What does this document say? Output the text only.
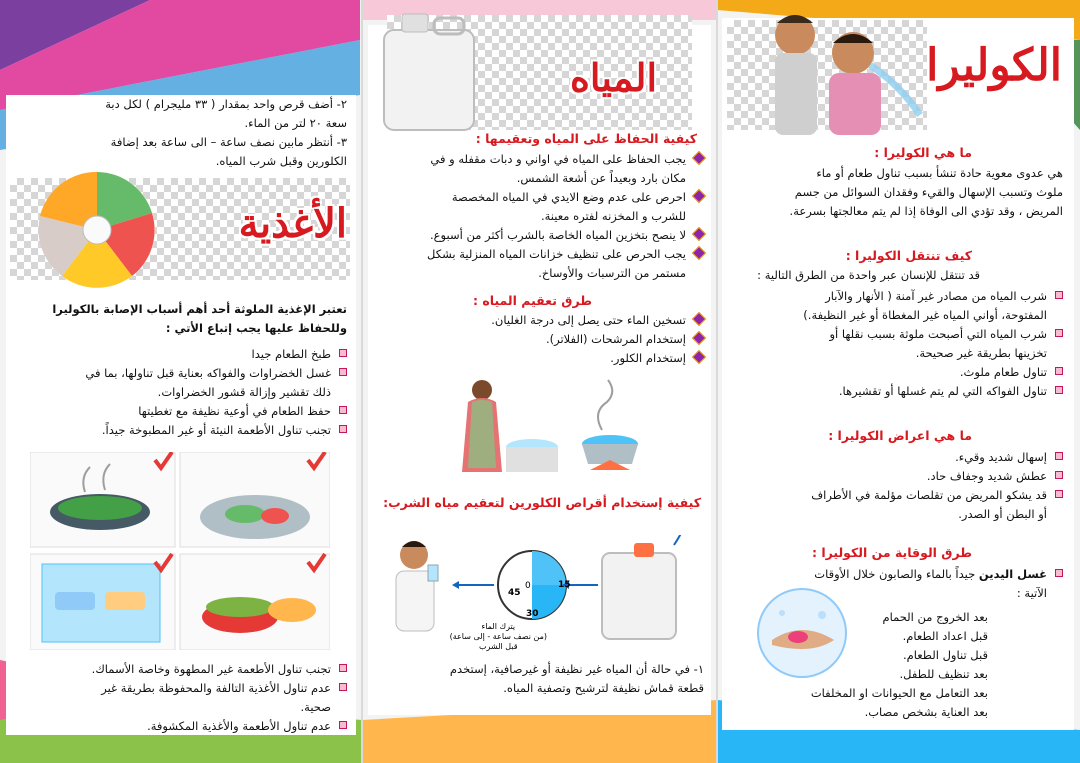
الكوليرا
ما هي الكوليرا :
هي عدوى معوية حادة تنشأ بسبب تناول طعام أو ماء
ملوث وتسبب الإسهال والقيء وفقدان السوائل من جسم
المريض ، وقد تؤدي الى الوفاة إذا لم يتم معالجتها بسرعة.
كيف تنتقل الكوليرا :
قد تنتقل للإنسان عبر واحدة من الطرق التالية :
شرب المياه من مصادر غير آمنة ( الأنهار والآبار
المفتوحة، أواني المياه غير المغطاة أو غير النظيفة.)
شرب المياه التي أصبحت ملوثة بسبب نقلها أو
تخزينها بطريقة غير صحيحة.
تناول طعام ملوث.
تناول الفواكه التي لم يتم غسلها أو تقشيرها.
ما هي اعراض الكوليرا :
إسهال شديد وقيء.
عطش شديد وجفاف حاد.
قد يشكو المريض من تقلصات مؤلمة في الأطراف
أو البطن أو الصدر.
طرق الوقاية من الكوليرا :
غسل اليدين جيداً بالماء والصابون خلال الأوقات
الآتية :
بعد الخروج من الحمام
قبل اعداد الطعام.
قبل تناول الطعام.
بعد تنظيف للطفل.
بعد التعامل مع الحيوانات او المخلفات
بعد العناية بشخص مصاب.
المياه
كيفية الحفاظ على المياه وتعقيمها :
يجب الحفاظ على المياه في اواني و دبات مقفله و في
مكان بارد وبعيداً عن أشعة الشمس.
احرص على عدم وضع الايدي في المياه المخصصة
للشرب و المخزنه لفتره معينة.
لا ينصح بتخزين المياه الخاصة بالشرب أكثر من أسبوع.
يجب الحرص على تنظيف خزانات المياه المنزلية بشكل
مستمر من الترسبات والأوساخ.
طرق تعقيم المياه :
تسخين الماء حتى يصل إلى درجة الغليان.
إستخدام المرشحات (الفلاتر).
إستخدام الكلور.
كيفية إستخدام أقراص الكلورين لتعقيم مياه الشرب:
0	15
30
45
يترك الماء
(من نصف ساعة - إلى ساعة)
قبل الشرب
١- في حالة أن المياه غير نظيفة أو غيرصافية، إستخدم
قطعة قماش نظيفة لترشيح وتصفية المياه.
٢- أضف قرص واحد بمقدار ( ٣٣ مليجرام ) لكل دبة
سعة ٢٠ لتر من الماء.
٣- أنتظر مابين نصف ساعة – الى ساعة بعد إضافة
الكلورين وقبل شرب المياه.
الأغذية
تعتبر الإغذية الملوثة أحد أهم أسباب الإصابة بالكوليرا
وللحفاظ عليها يجب إتباع الأتي :
طبخ الطعام جيدا
غسل الخضراوات والفواكه بعناية قبل تناولها، بما في
ذلك تقشير وإزالة قشور الخضراوات.
حفظ الطعام في أوعية نظيفة مع تغطيتها
تجنب تناول الأطعمة النيئة أو غير المطبوخة جيداً.
تجنب تناول الأطعمة غير المطهوة وخاصة الأسماك.
عدم تناول الأغذية التالفة والمحفوظة بطريقة غير
صحية.
عدم تناول الأطعمة والأغذية المكشوفة.
